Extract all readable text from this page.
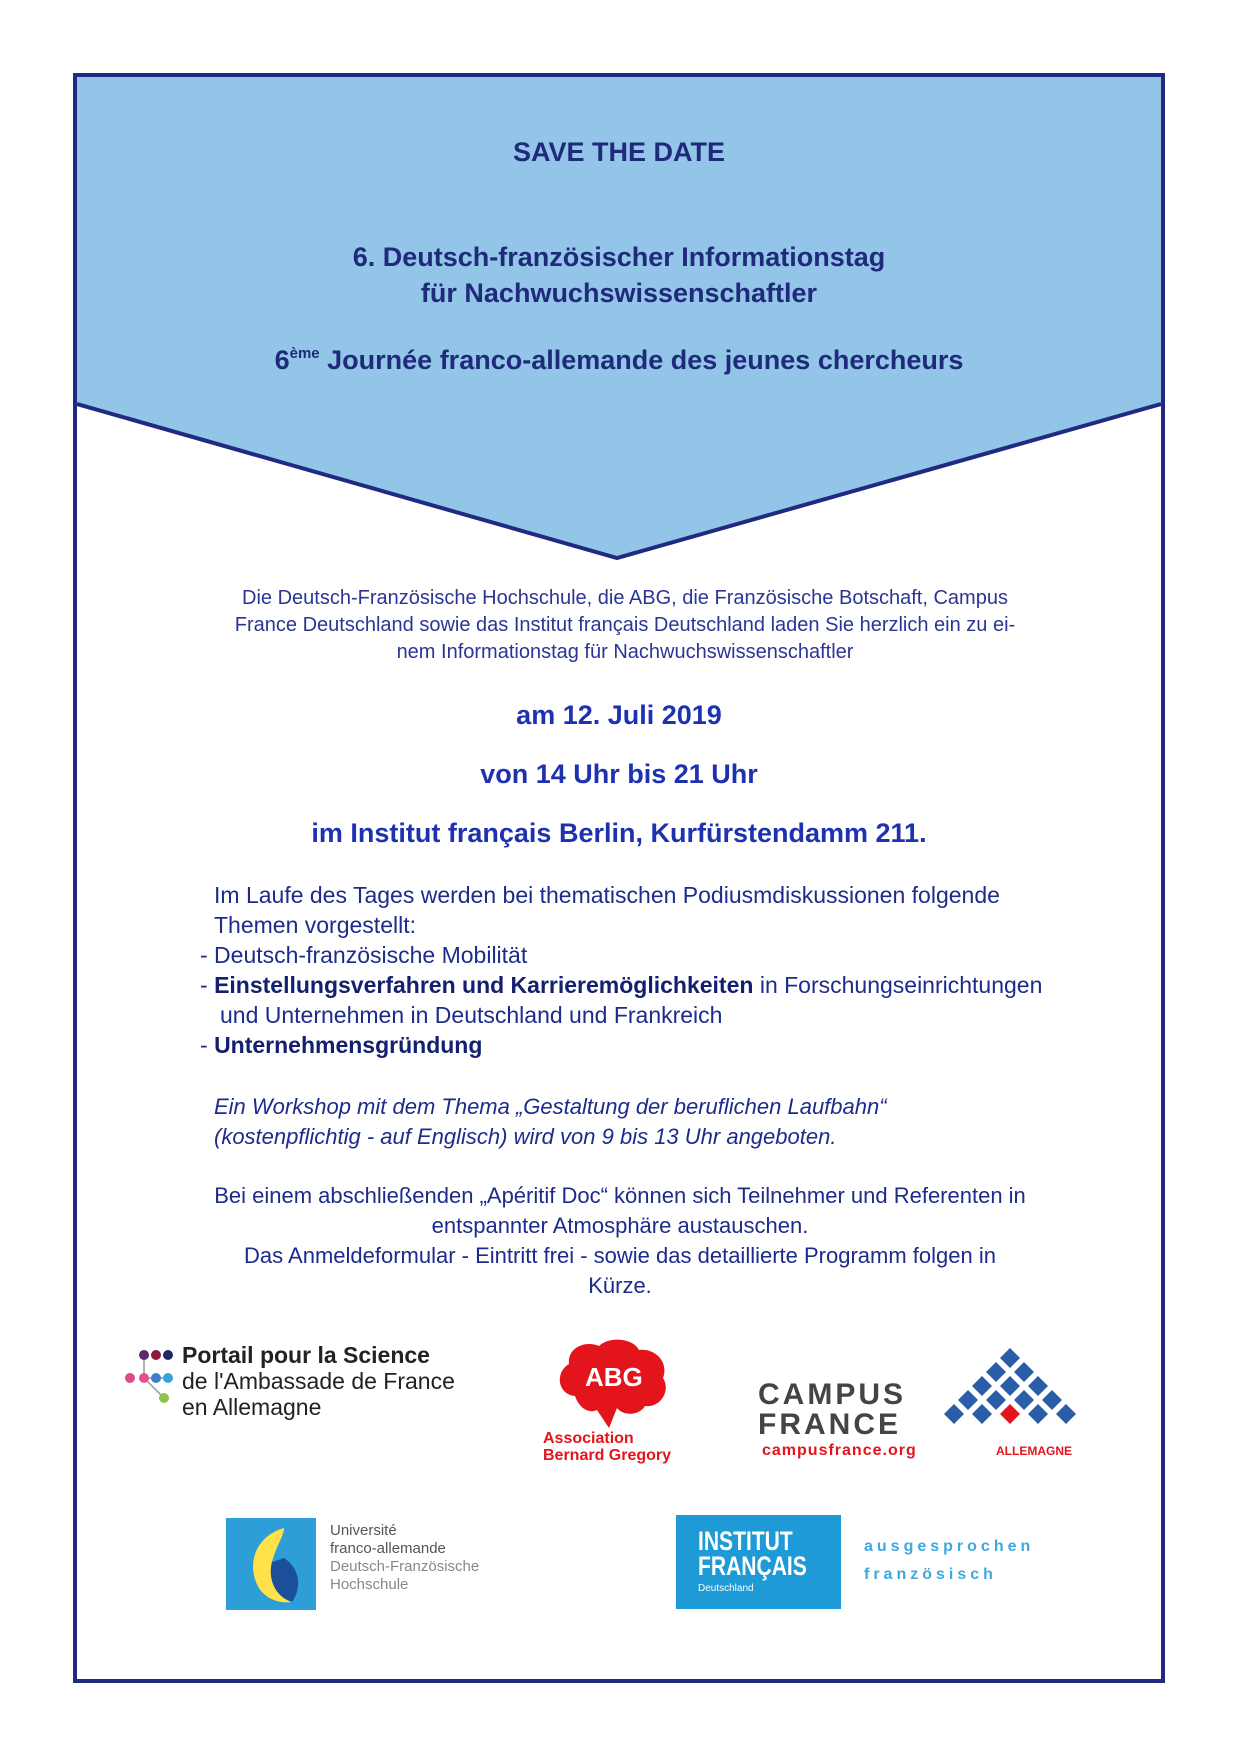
SAVE THE DATE
6. Deutsch-französischer Informationstag
für Nachwuchswissenschaftler
6ème Journée franco-allemande des jeunes chercheurs
Die Deutsch-Französische Hochschule, die ABG, die Französische Botschaft, Campus
France Deutschland sowie das Institut français Deutschland laden Sie herzlich ein zu ei-
nem Informationstag für Nachwuchswissenschaftler
am 12. Juli 2019
von 14 Uhr bis 21 Uhr
im Institut français Berlin, Kurfürstendamm 211.
Im Laufe des Tages werden bei thematischen Podiusmdiskussionen folgende
Themen vorgestellt:
- Deutsch-französische Mobilität
- Einstellungsverfahren und Karrieremöglichkeiten in Forschungseinrichtungen
und Unternehmen in Deutschland und Frankreich
- Unternehmensgründung
Ein Workshop mit dem Thema „Gestaltung der beruflichen Laufbahn“
(kostenpflichtig - auf Englisch) wird von 9 bis 13 Uhr angeboten.
Bei einem abschließenden „Apéritif Doc“ können sich Teilnehmer und Referenten in
entspannter Atmosphäre austauschen.
Das Anmeldeformular - Eintritt frei - sowie das detaillierte Programm folgen in
Kürze.
Portail pour la Science
de l'Ambassade de France
en Allemagne
ABG
Association
Bernard Gregory
CAMPUS
FRANCE
campusfrance.org	ALLEMAGNE
Université
franco-allemande
Deutsch-Französische
Hochschule
INSTITUT
FRANÇAIS
Deutschland
ausgesprochen
französisch
